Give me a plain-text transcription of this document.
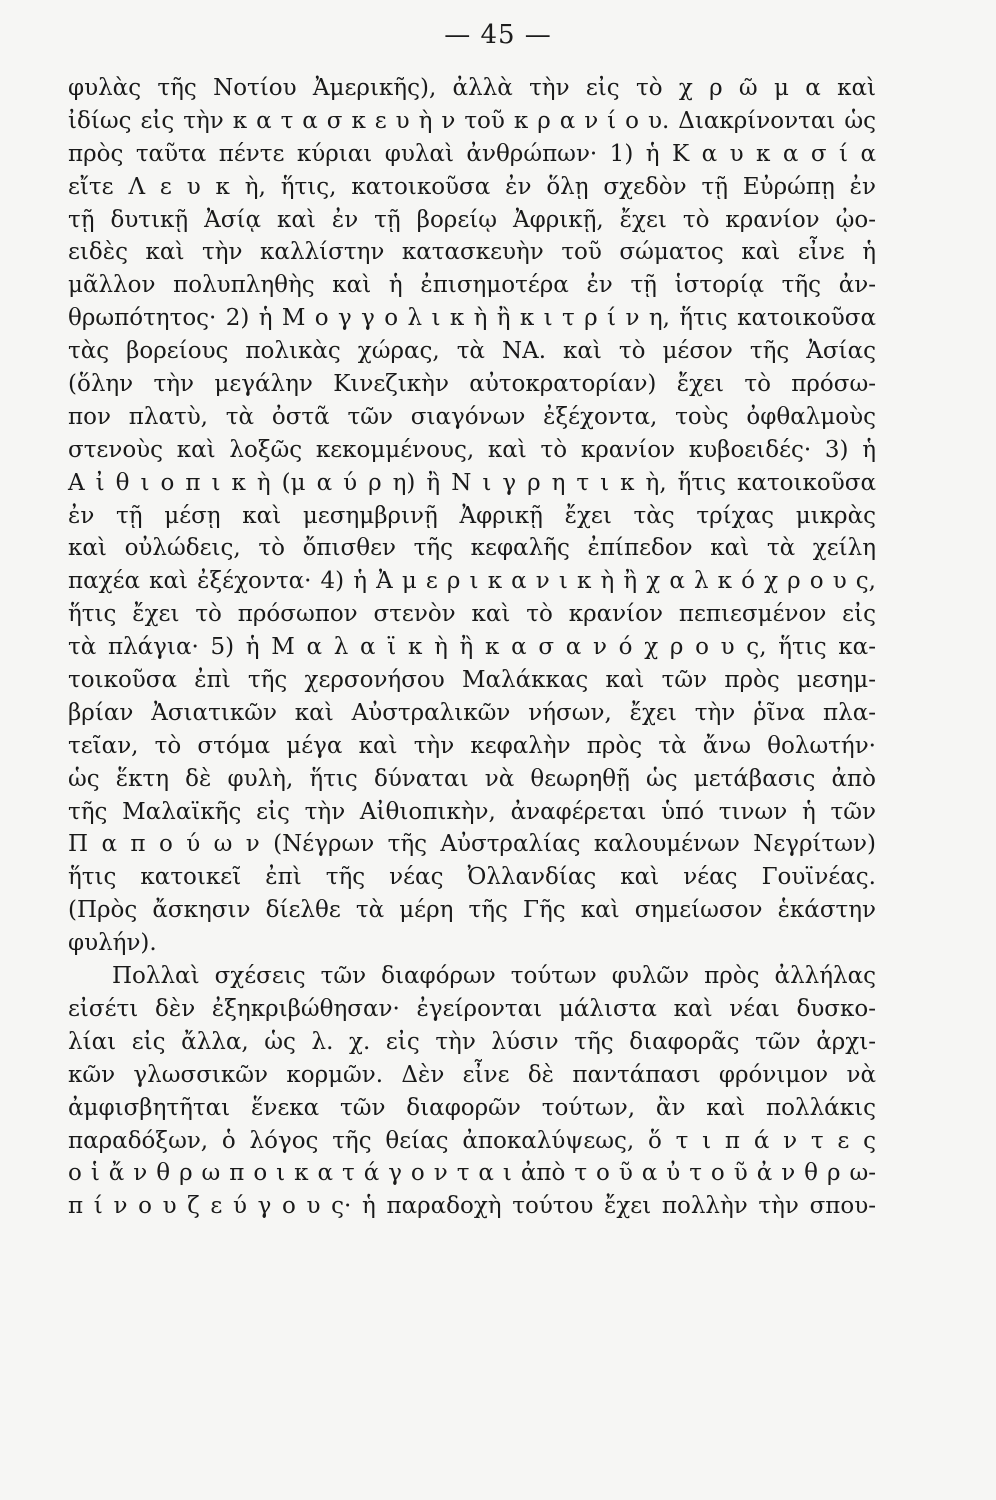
— 45 —
φυλὰς τῆς Νοτίου Ἀμερικῆς), ἀλλὰ τὴν εἰς τὸ χ ρ ῶ μ α καὶ
ἰδίως εἰς τὴν κ α τ α σ κ ε υ ὴ ν τοῦ κ ρ α ν ί ο υ. Διακρίνονται ὡς
πρὸς ταῦτα πέντε κύριαι φυλαὶ ἀνθρώπων· 1) ἡ Κ α υ κ α σ ί α
εἴτε Λ ε υ κ ὴ, ἥτις, κατοικοῦσα ἐν ὅλῃ σχεδὸν τῇ Εὐρώπῃ ἐν
τῇ δυτικῇ Ἀσίᾳ καὶ ἐν τῇ βορείῳ Ἀφρικῇ, ἔχει τὸ κρανίον ᾠο-
ειδὲς καὶ τὴν καλλίστην κατασκευὴν τοῦ σώματος καὶ εἶνε ἡ
μᾶλλον πολυπληθὴς καὶ ἡ ἐπισημοτέρα ἐν τῇ ἱστορίᾳ τῆς ἀν-
θρωπότητος· 2) ἡ Μ ο γ γ ο λ ι κ ὴ ἢ κ ι τ ρ ί ν η, ἥτις κατοικοῦσα
τὰς βορείους πολικὰς χώρας, τὰ ΝΑ. καὶ τὸ μέσον τῆς Ἀσίας
(ὅλην τὴν μεγάλην Κινεζικὴν αὐτοκρατορίαν) ἔχει τὸ πρόσω-
πον πλατὺ, τὰ ὀστᾶ τῶν σιαγόνων ἐξέχοντα, τοὺς ὀφθαλμοὺς
στενοὺς καὶ λοξῶς κεκομμένους, καὶ τὸ κρανίον κυβοειδές· 3) ἡ
Α ἰ θ ι ο π ι κ ὴ (μ α ύ ρ η) ἢ Ν ι γ ρ η τ ι κ ὴ, ἥτις κατοικοῦσα
ἐν τῇ μέσῃ καὶ μεσημβρινῇ Ἀφρικῇ ἔχει τὰς τρίχας μικρὰς
καὶ οὐλώδεις, τὸ ὄπισθεν τῆς κεφαλῆς ἐπίπεδον καὶ τὰ χείλη
παχέα καὶ ἐξέχοντα· 4) ἡ Ἀ μ ε ρ ι κ α ν ι κ ὴ ἢ χ α λ κ ό χ ρ ο υ ς,
ἥτις ἔχει τὸ πρόσωπον στενὸν καὶ τὸ κρανίον πεπιεσμένον εἰς
τὰ πλάγια· 5) ἡ Μ α λ α ϊ κ ὴ ἢ κ α σ α ν ό χ ρ ο υ ς, ἥτις κα-
τοικοῦσα ἐπὶ τῆς χερσονήσου Μαλάκκας καὶ τῶν πρὸς μεσημ-
βρίαν Ἀσιατικῶν καὶ Αὐστραλικῶν νήσων, ἔχει τὴν ῥῖνα πλα-
τεῖαν, τὸ στόμα μέγα καὶ τὴν κεφαλὴν πρὸς τὰ ἄνω θολωτήν·
ὡς ἕκτη δὲ φυλὴ, ἥτις δύναται νὰ θεωρηθῇ ὡς μετάβασις ἀπὸ
τῆς Μαλαϊκῆς εἰς τὴν Αἰθιοπικὴν, ἀναφέρεται ὑπό τινων ἡ τῶν
Π α π ο ύ ω ν (Νέγρων τῆς Αὐστραλίας καλουμένων Νεγρίτων)
ἥτις κατοικεῖ ἐπὶ τῆς νέας Ὀλλανδίας καὶ νέας Γουϊνέας.
(Πρὸς ἄσκησιν δίελθε τὰ μέρη τῆς Γῆς καὶ σημείωσον ἑκάστην
φυλήν).
Πολλαὶ σχέσεις τῶν διαφόρων τούτων φυλῶν πρὸς ἀλλήλας
εἰσέτι δὲν ἐξηκριβώθησαν· ἐγείρονται μάλιστα καὶ νέαι δυσκο-
λίαι εἰς ἄλλα, ὡς λ. χ. εἰς τὴν λύσιν τῆς διαφορᾶς τῶν ἀρχι-
κῶν γλωσσικῶν κορμῶν. Δὲν εἶνε δὲ παντάπασι φρόνιμον νὰ
ἀμφισβητῆται ἕνεκα τῶν διαφορῶν τούτων, ἂν καὶ πολλάκις
παραδόξων, ὁ λόγος τῆς θείας ἀποκαλύψεως, ὅ τ ι π ά ν τ ε ς
ο ἱ ἄ ν θ ρ ω π ο ι κ α τ ά γ ο ν τ α ι ἀπὸ τ ο ῦ α ὐ τ ο ῦ ἀ ν θ ρ ω-
π ί ν ο υ ζ ε ύ γ ο υ ς· ἡ παραδοχὴ τούτου ἔχει πολλὴν τὴν σπου-
